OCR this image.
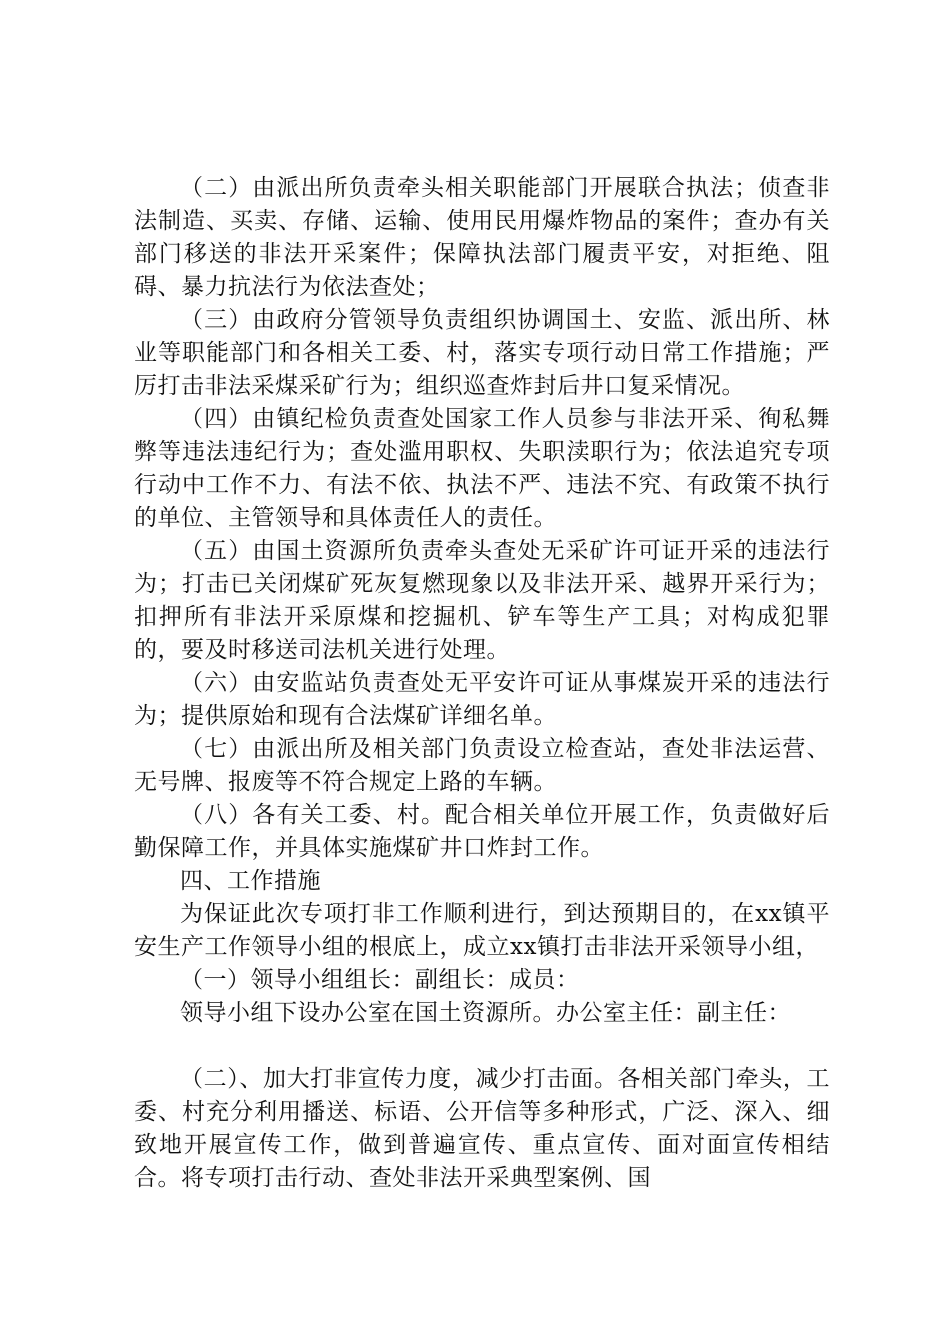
（二）由派出所负责牵头相关职能部门开展联合执法；侦查非法制造、买卖、存储、运输、使用民用爆炸物品的案件；查办有关部门移送的非法开采案件；保障执法部门履责平安，对拒绝、阻碍、暴力抗法行为依法查处；

（三）由政府分管领导负责组织协调国土、安监、派出所、林业等职能部门和各相关工委、村，落实专项行动日常工作措施；严厉打击非法采煤采矿行为；组织巡查炸封后井口复采情况。

（四）由镇纪检负责查处国家工作人员参与非法开采、徇私舞弊等违法违纪行为；查处滥用职权、失职渎职行为；依法追究专项行动中工作不力、有法不依、执法不严、违法不究、有政策不执行的单位、主管领导和具体责任人的责任。

（五）由国土资源所负责牵头查处无采矿许可证开采的违法行为；打击已关闭煤矿死灰复燃现象以及非法开采、越界开采行为；扣押所有非法开采原煤和挖掘机、铲车等生产工具；对构成犯罪的，要及时移送司法机关进行处理。

（六）由安监站负责查处无平安许可证从事煤炭开采的违法行为；提供原始和现有合法煤矿详细名单。

（七）由派出所及相关部门负责设立检查站，查处非法运营、无号牌、报废等不符合规定上路的车辆。

（八）各有关工委、村。配合相关单位开展工作，负责做好后勤保障工作，并具体实施煤矿井口炸封工作。

四、工作措施

为保证此次专项打非工作顺利进行，到达预期目的，在xx镇平安生产工作领导小组的根底上，成立xx镇打击非法开采领导小组，

（一）领导小组组长：副组长：成员：

领导小组下设办公室在国土资源所。办公室主任：副主任：

（二）、加大打非宣传力度，减少打击面。各相关部门牵头，工委、村充分利用播送、标语、公开信等多种形式，广泛、深入、细致地开展宣传工作，做到普遍宣传、重点宣传、面对面宣传相结合。将专项打击行动、查处非法开采典型案例、国
